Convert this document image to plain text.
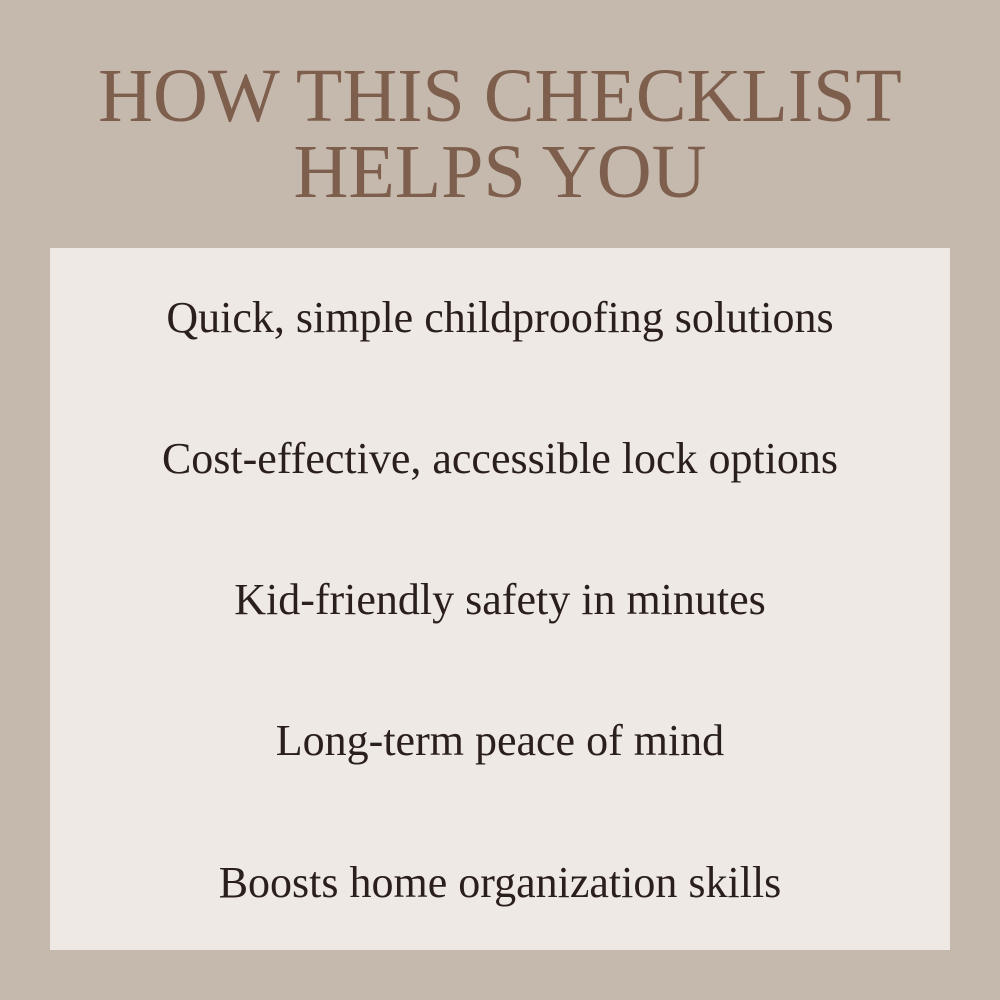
HOW THIS CHECKLIST
HELPS YOU
Quick, simple childproofing solutions
Cost-effective, accessible lock options
Kid-friendly safety in minutes
Long-term peace of mind
Boosts home organization skills
